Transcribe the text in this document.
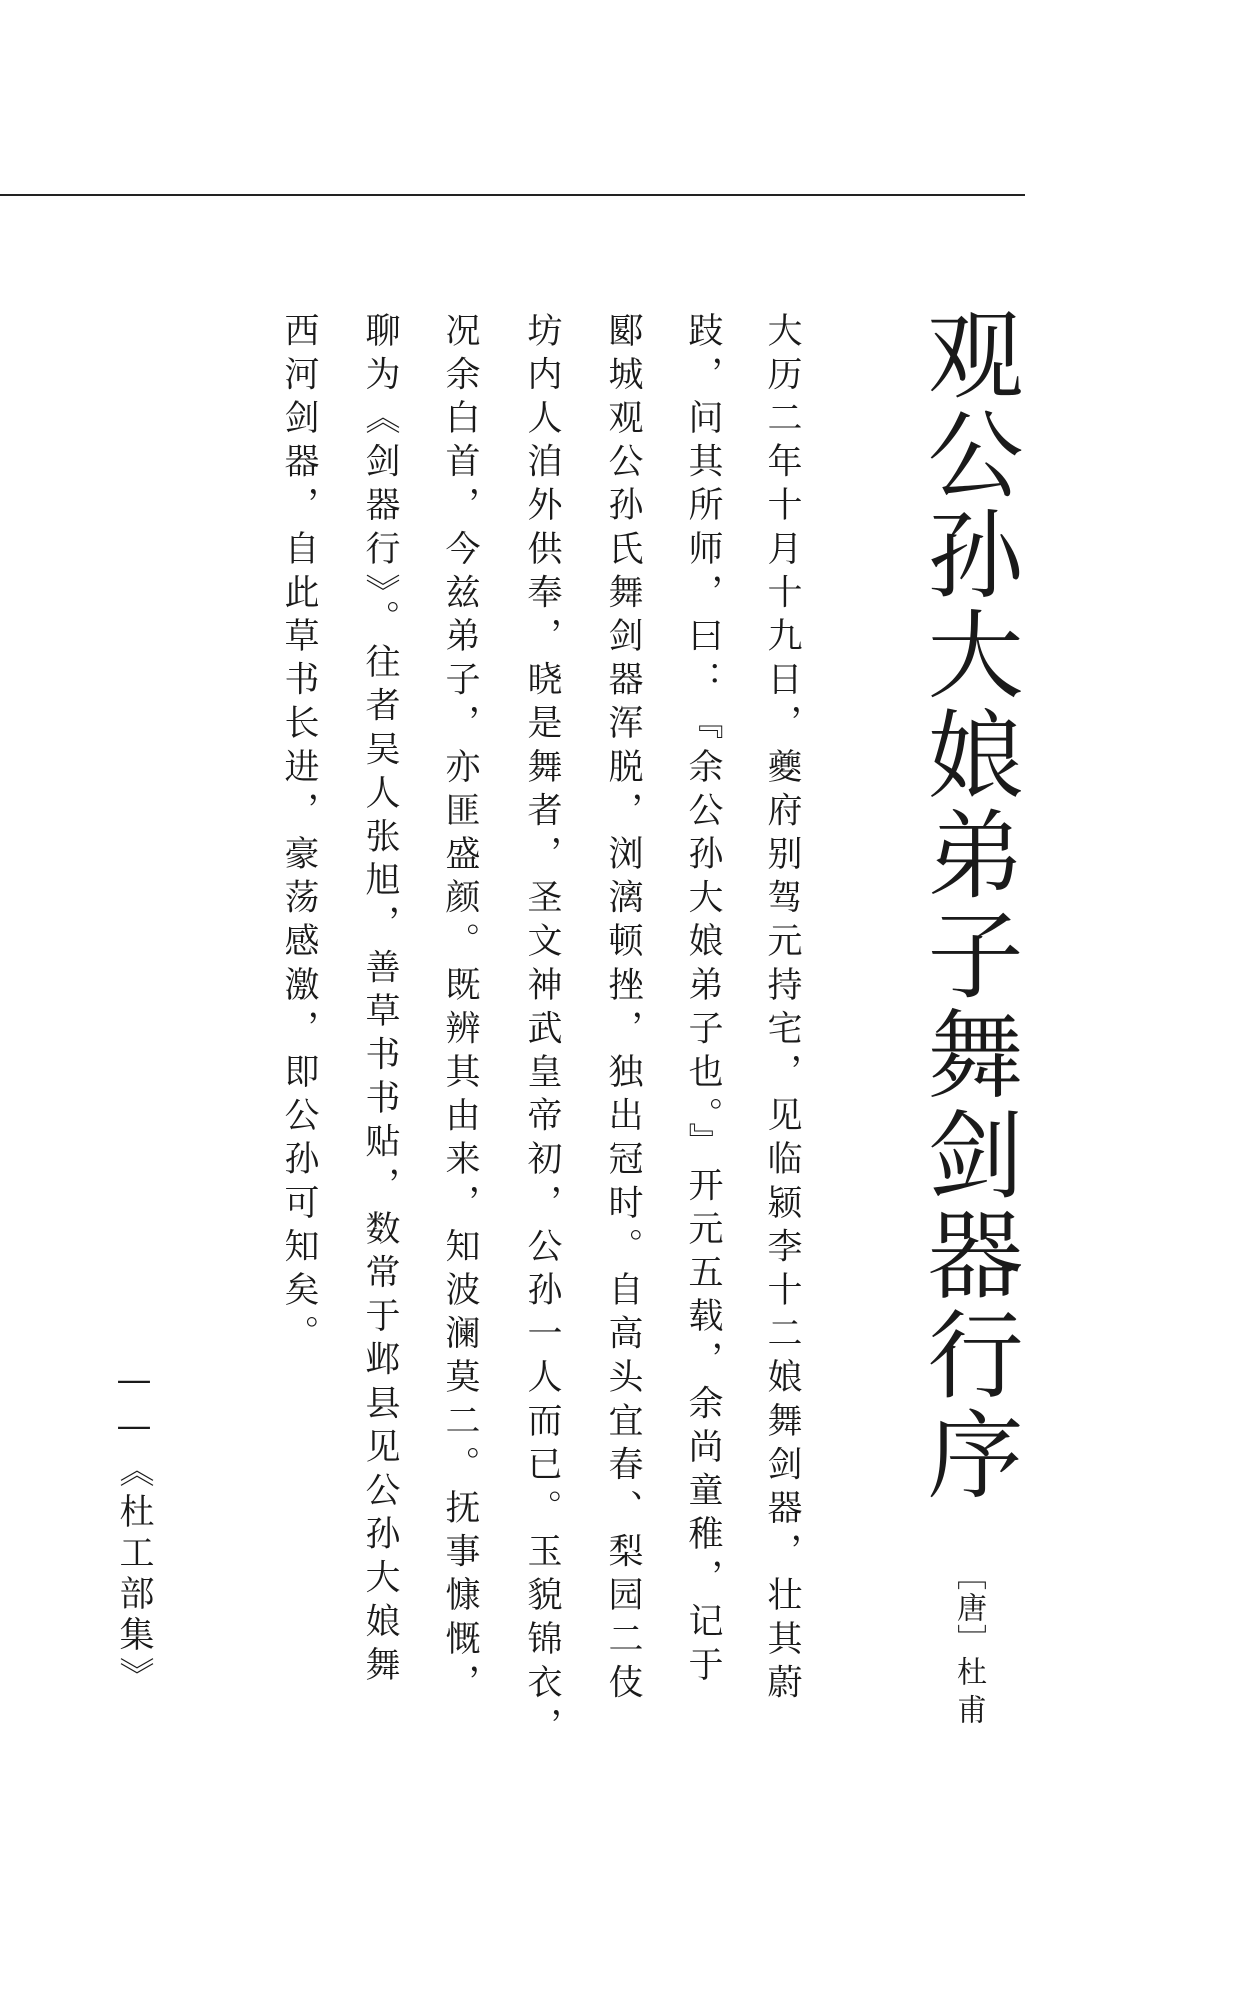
观公孙大娘弟子舞剑器行序
［唐］杜甫
大历二年十月十九日，夔府别驾元持宅，见临颍李十二娘舞剑器，壮其蔚
跂，问其所师，曰：『余公孙大娘弟子也。』开元五载，余尚童稚，记于
郾城观公孙氏舞剑器浑脱，浏漓顿挫，独出冠时。自高头宜春、梨园二伎
坊内人洎外供奉，晓是舞者，圣文神武皇帝初，公孙一人而已。玉貌锦衣，
况余白首，今兹弟子，亦匪盛颜。既辨其由来，知波澜莫二。抚事慷慨，
聊为《剑器行》。往者吴人张旭，善草书书贴，数常于邺县见公孙大娘舞
西河剑器，自此草书长进，豪荡感激，即公孙可知矣。
——《杜工部集》
